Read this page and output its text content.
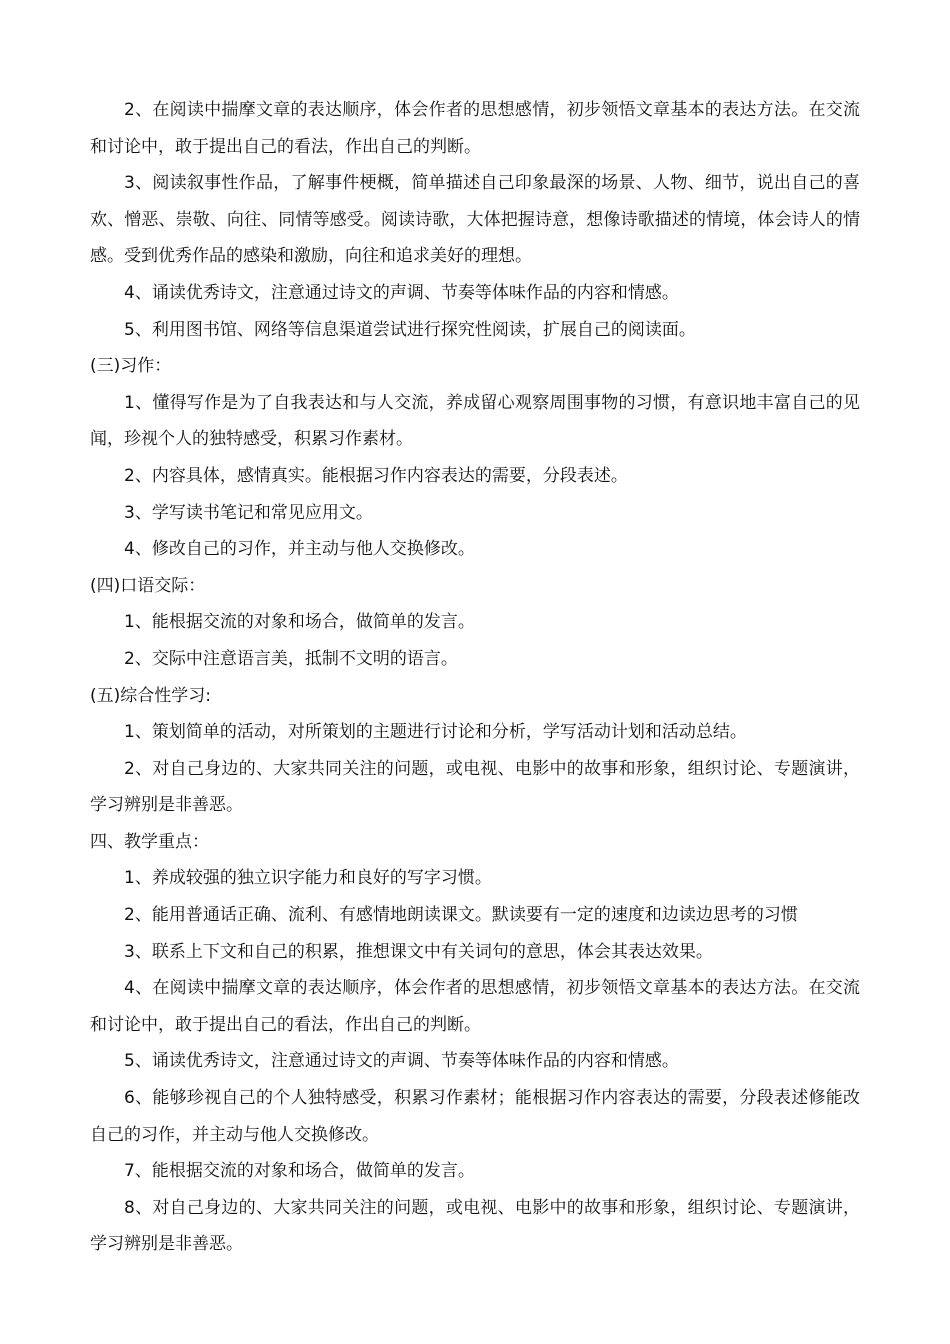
2、在阅读中揣摩文章的表达顺序，体会作者的思想感情，初步领悟文章基本的表达方法。在交流和讨论中，敢于提出自己的看法，作出自己的判断。

3、阅读叙事性作品，了解事件梗概，简单描述自己印象最深的场景、人物、细节，说出自己的喜欢、憎恶、崇敬、向往、同情等感受。阅读诗歌，大体把握诗意，想像诗歌描述的情境，体会诗人的情感。受到优秀作品的感染和激励，向往和追求美好的理想。

4、诵读优秀诗文，注意通过诗文的声调、节奏等体味作品的内容和情感。

5、利用图书馆、网络等信息渠道尝试进行探究性阅读，扩展自己的阅读面。

(三)习作：

1、懂得写作是为了自我表达和与人交流，养成留心观察周围事物的习惯，有意识地丰富自己的见闻，珍视个人的独特感受，积累习作素材。

2、内容具体，感情真实。能根据习作内容表达的需要，分段表述。

3、学写读书笔记和常见应用文。

4、修改自己的习作，并主动与他人交换修改。

(四)口语交际：

1、能根据交流的对象和场合，做简单的发言。

2、交际中注意语言美，抵制不文明的语言。

(五)综合性学习:

1、策划简单的活动，对所策划的主题进行讨论和分析，学写活动计划和活动总结。

2、对自己身边的、大家共同关注的问题，或电视、电影中的故事和形象，组织讨论、专题演讲，学习辨别是非善恶。

四、教学重点：

1、养成较强的独立识字能力和良好的写字习惯。

2、能用普通话正确、流利、有感情地朗读课文。默读要有一定的速度和边读边思考的习惯

3、联系上下文和自己的积累，推想课文中有关词句的意思，体会其表达效果。

4、在阅读中揣摩文章的表达顺序，体会作者的思想感情，初步领悟文章基本的表达方法。在交流和讨论中，敢于提出自己的看法，作出自己的判断。

5、诵读优秀诗文，注意通过诗文的声调、节奏等体味作品的内容和情感。

6、能够珍视自己的个人独特感受，积累习作素材；能根据习作内容表达的需要，分段表述修能改自己的习作，并主动与他人交换修改。

7、能根据交流的对象和场合，做简单的发言。

8、对自己身边的、大家共同关注的问题，或电视、电影中的故事和形象，组织讨论、专题演讲，学习辨别是非善恶。
